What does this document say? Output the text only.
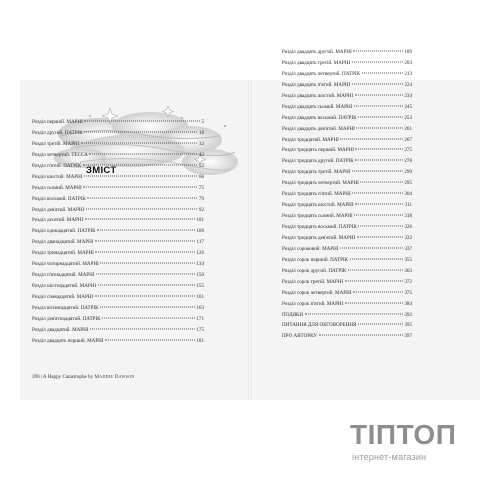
ЗМІСТ
Розділ перший. МАРНІ	5
Розділ другий. ПАТРІК	18
Розділ третій. МАРНІ	32
Розділ четвертий. ТЕССА	42
Розділ п'ятий. ПАТРІК	52
Розділ шостий. МАРНІ	66
Розділ сьомий. МАРНІ	75
Розділ восьмий. ПАТРІК	79
Розділ дев'ятий. МАРНІ	92
Розділ десятий. МАРНІ	101
Розділ одинадцятий. ПАТРІК	108
Розділ дванадцятий. МАРНІ	117
Розділ тринадцятий. МАРНІ	126
Розділ чотирнадцятий. МАРНІ	134
Розділ п'ятнадцятий. МАРНІ	150
Розділ шістнадцятий. МАРНІ	155
Розділ сімнадцятий. МАРНІ	161
Розділ вісімнадцятий. ПАТРІК	163
Розділ дев'ятнадцятий. ПАТРІК	171
Розділ двадцятий. МАРНІ	175
Розділ двадцять перший. МАРНІ	181
Розділ двадцять другий. МАРНІ	189
Розділ двадцять третій. МАРНІ	203
Розділ двадцять четвертий. ПАТРІК	213
Розділ двадцять п'ятий. МАРНІ	224
Розділ двадцять шостий. МАРНІ	234
Розділ двадцять сьомий. МАРНІ	245
Розділ двадцять восьмий. ПАТРІК	253
Розділ двадцять дев'ятий. МАРНІ	261
Розділ тридцятий. МАРНІ	267
Розділ тридцять перший. МАРНІ	275
Розділ тридцять другий. ПАТРІК	278
Розділ тридцять третій. МАРНІ	290
Розділ тридцять четвертий. МАРНІ	295
Розділ тридцять п'ятий. МАРНІ	304
Розділ тридцять шостий. МАРНІ	311
Розділ тридцять сьомий. МАРНІ	318
Розділ тридцять восьмий. ПАТРІК	326
Розділ тридцять дев'ятий. МАРНІ	332
Розділ сороковий. МАРНІ	337
Розділ сорок перший. ПАТРІК	355
Розділ сорок другий. ПАТРІК	363
Розділ сорок третій. МАРНІ	372
Розділ сорок четвертий. МАРНІ	375
Розділ сорок п'ятий. МАРНІ	384
ПОДЯКИ	392
ПИТАННЯ ДЛЯ ОБГОВОРЕННЯ	395
ПРО АВТОРКУ	397
398 | A Happy Catastrophe by Maddie Dawson
ТІПТОП
інтернет-магазин
